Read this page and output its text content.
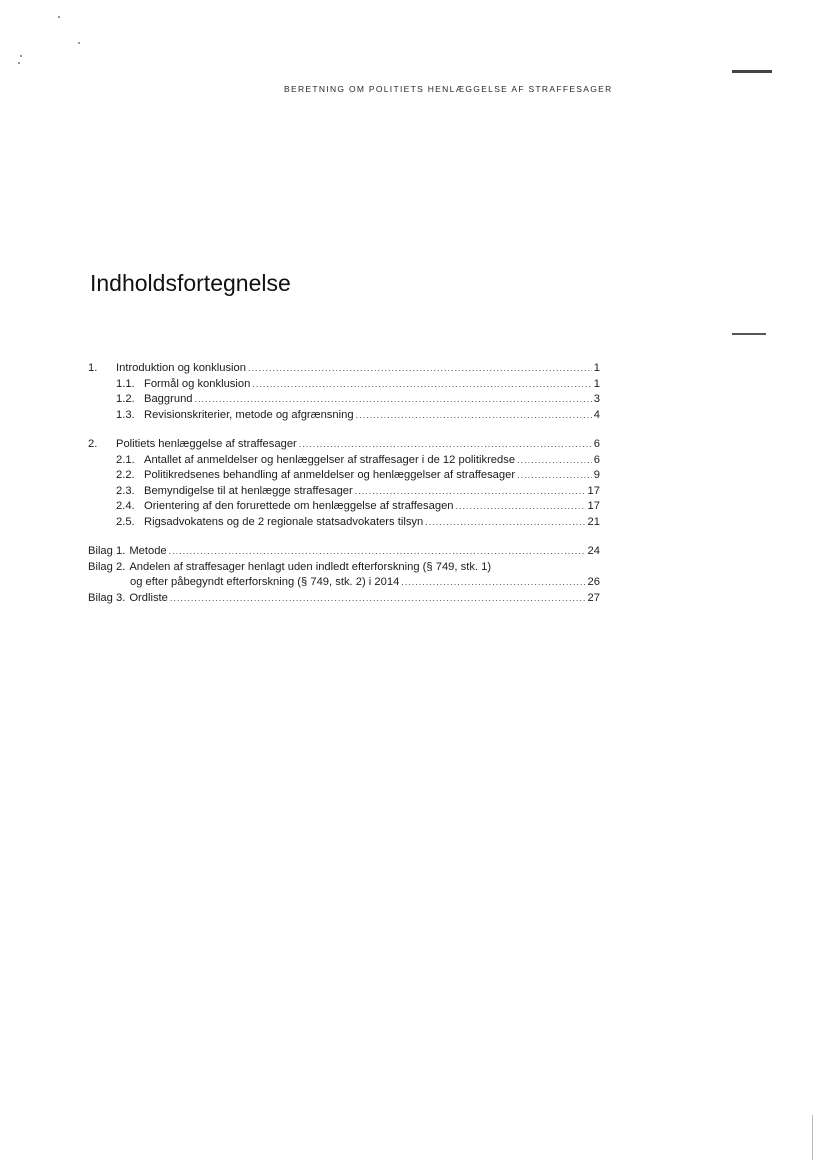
BERETNING OM POLITIETS HENLÆGGELSE AF STRAFFESAGER
Indholdsfortegnelse
1.	Introduktion og konklusion .....	1
1.1. Formål og konklusion .....	1
1.2. Baggrund .....	3
1.3. Revisionskriterier, metode og afgrænsning .....	4
2.	Politiets henlæggelse af straffesager .....	6
2.1. Antallet af anmeldelser og henlæggelser af straffesager i de 12 politikredse .....	6
2.2. Politikredsenes behandling af anmeldelser og henlæggelser af straffesager .....	9
2.3. Bemyndigelse til at henlægge straffesager .....	17
2.4. Orientering af den forurettede om henlæggelse af straffesagen .....	17
2.5. Rigsadvokatens og de 2 regionale statsadvokaters tilsyn .....	21
Bilag 1. Metode .....	24
Bilag 2. Andelen af straffesager henlagt uden indledt efterforskning (§ 749, stk. 1)
og efter påbegyndt efterforskning (§ 749, stk. 2) i 2014 .....	26
Bilag 3. Ordliste .....	27
